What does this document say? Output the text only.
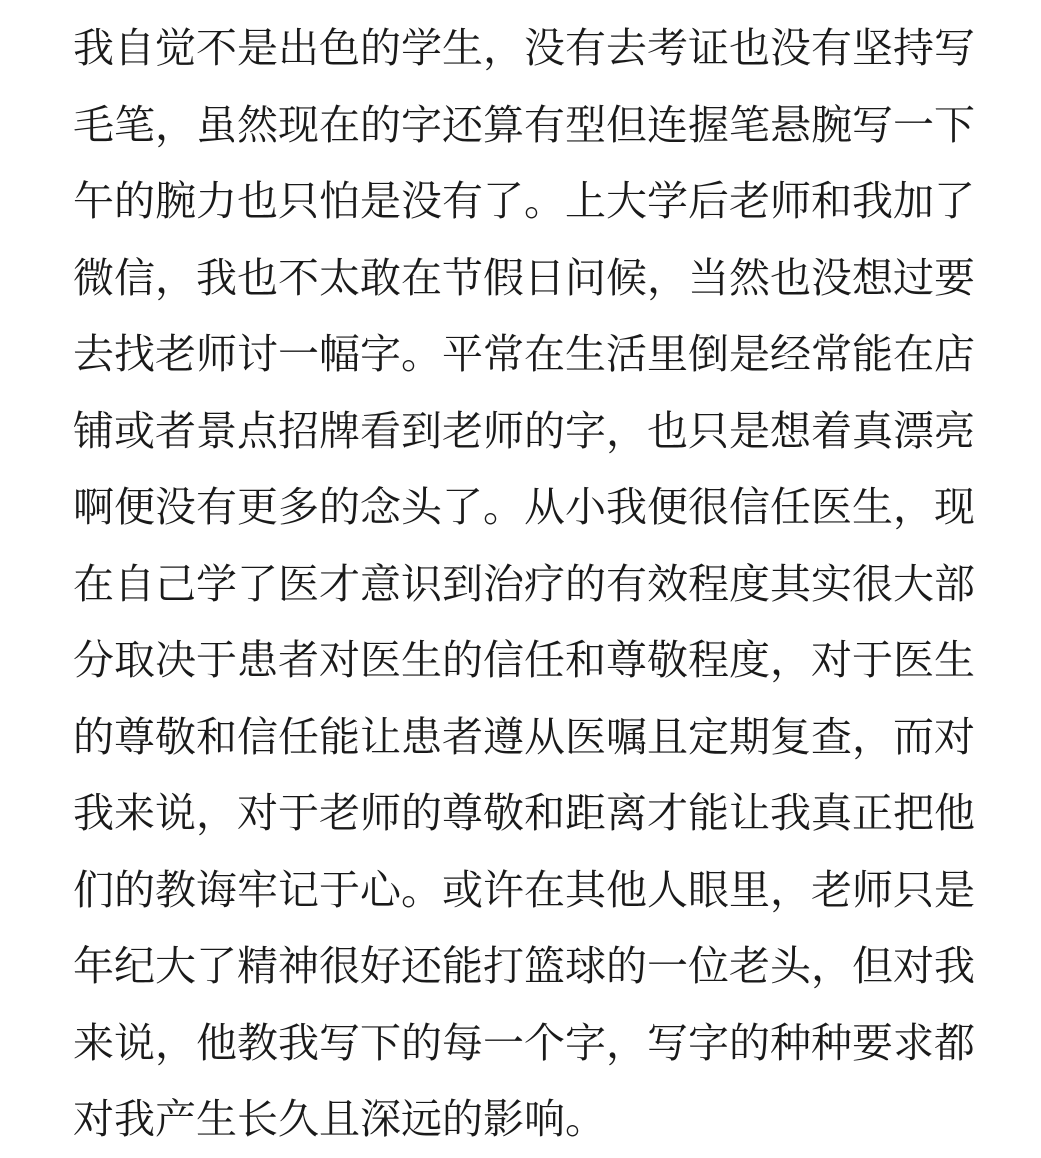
我自觉不是出色的学生，没有去考证也没有坚持写
毛笔，虽然现在的字还算有型但连握笔悬腕写一下
午的腕力也只怕是没有了。上大学后老师和我加了
微信，我也不太敢在节假日问候，当然也没想过要
去找老师讨一幅字。平常在生活里倒是经常能在店
铺或者景点招牌看到老师的字，也只是想着真漂亮
啊便没有更多的念头了。从小我便很信任医生，现
在自己学了医才意识到治疗的有效程度其实很大部
分取决于患者对医生的信任和尊敬程度，对于医生
的尊敬和信任能让患者遵从医嘱且定期复查，而对
我来说，对于老师的尊敬和距离才能让我真正把他
们的教诲牢记于心。或许在其他人眼里，老师只是
年纪大了精神很好还能打篮球的一位老头，但对我
来说，他教我写下的每一个字，写字的种种要求都
对我产生长久且深远的影响。
